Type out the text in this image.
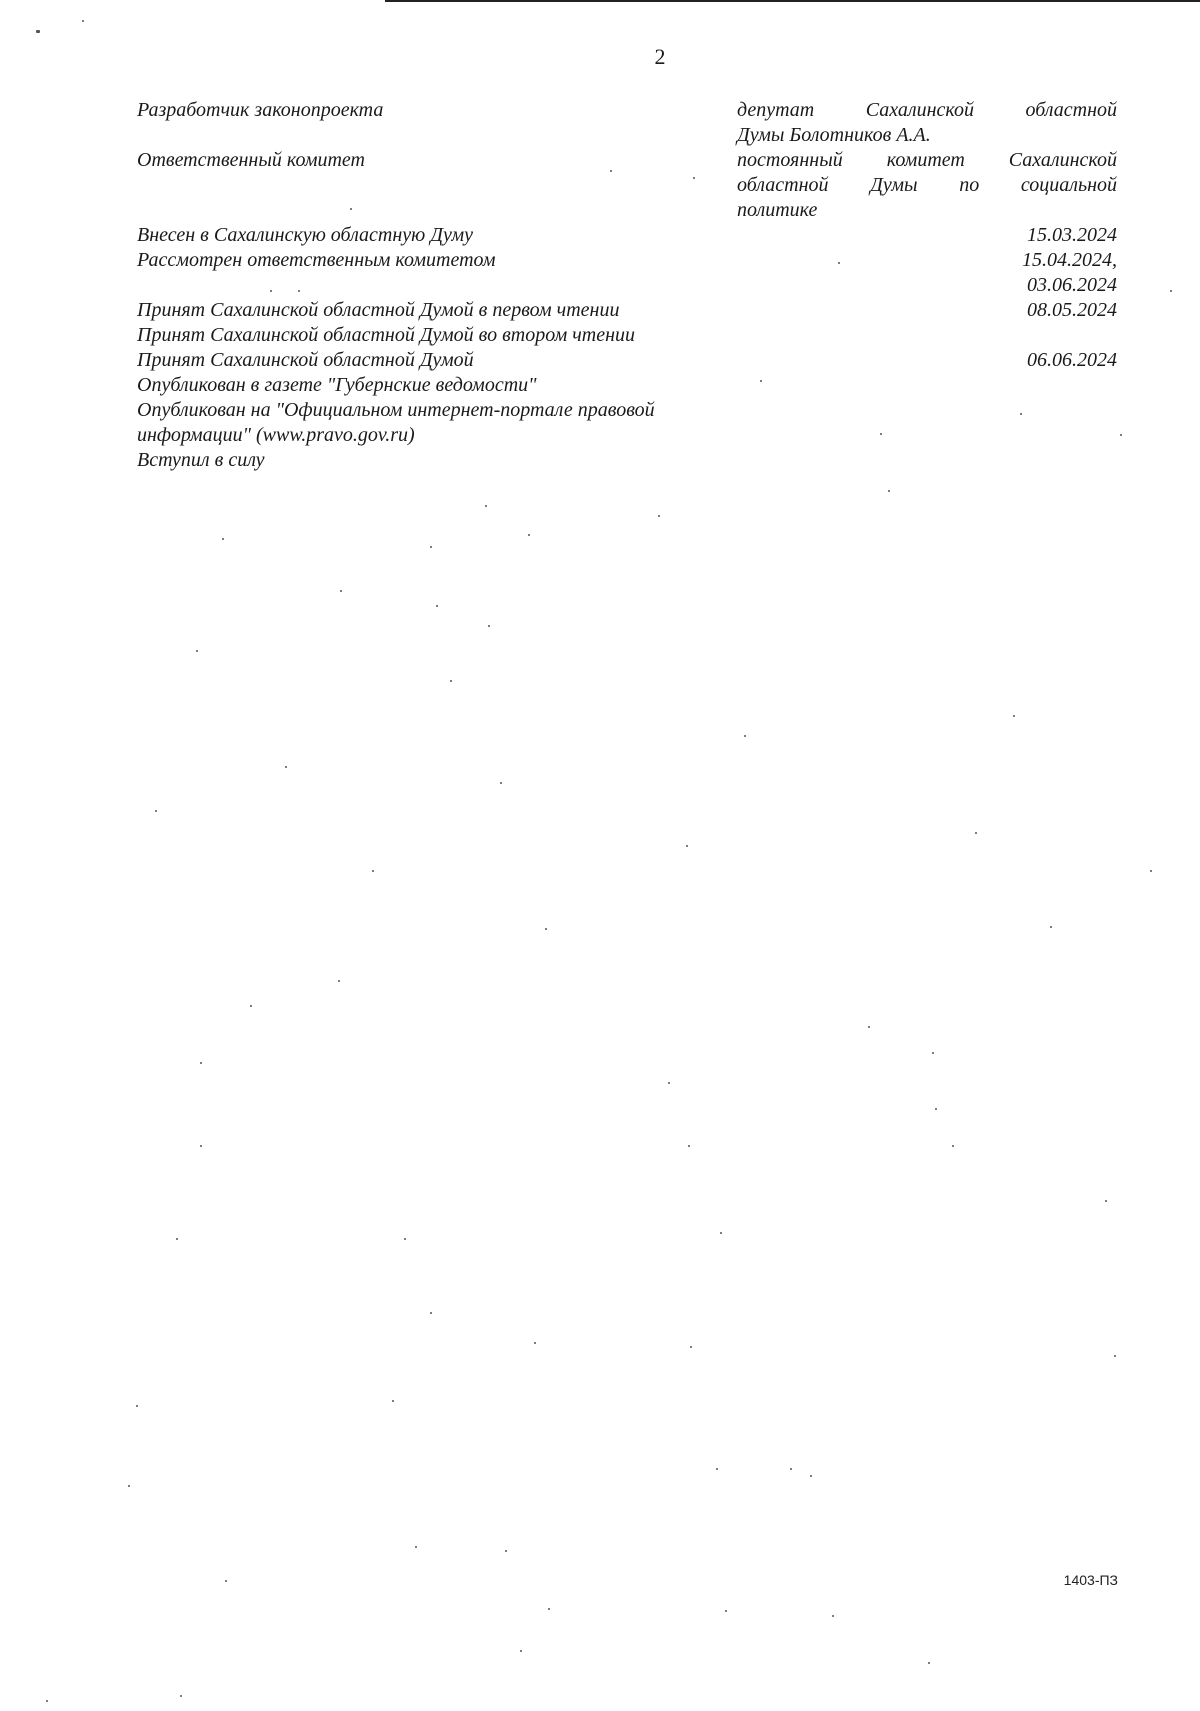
2
Разработчик законопроекта	депутат Сахалинской областной
Думы Болотников А.А.
Ответственный комитет	постоянный комитет Сахалинской
областной Думы по социальной
политике
Внесен в Сахалинскую областную Думу	15.03.2024
Рассмотрен ответственным комитетом	15.04.2024,
03.06.2024
Принят Сахалинской областной Думой в первом чтении	08.05.2024
Принят Сахалинской областной Думой во втором чтении
Принят Сахалинской областной Думой	06.06.2024
Опубликован в газете "Губернские ведомости"
Опубликован на "Официальном интернет-портале правовой
информации" (www.pravo.gov.ru)
Вступил в силу
1403-ПЗ
